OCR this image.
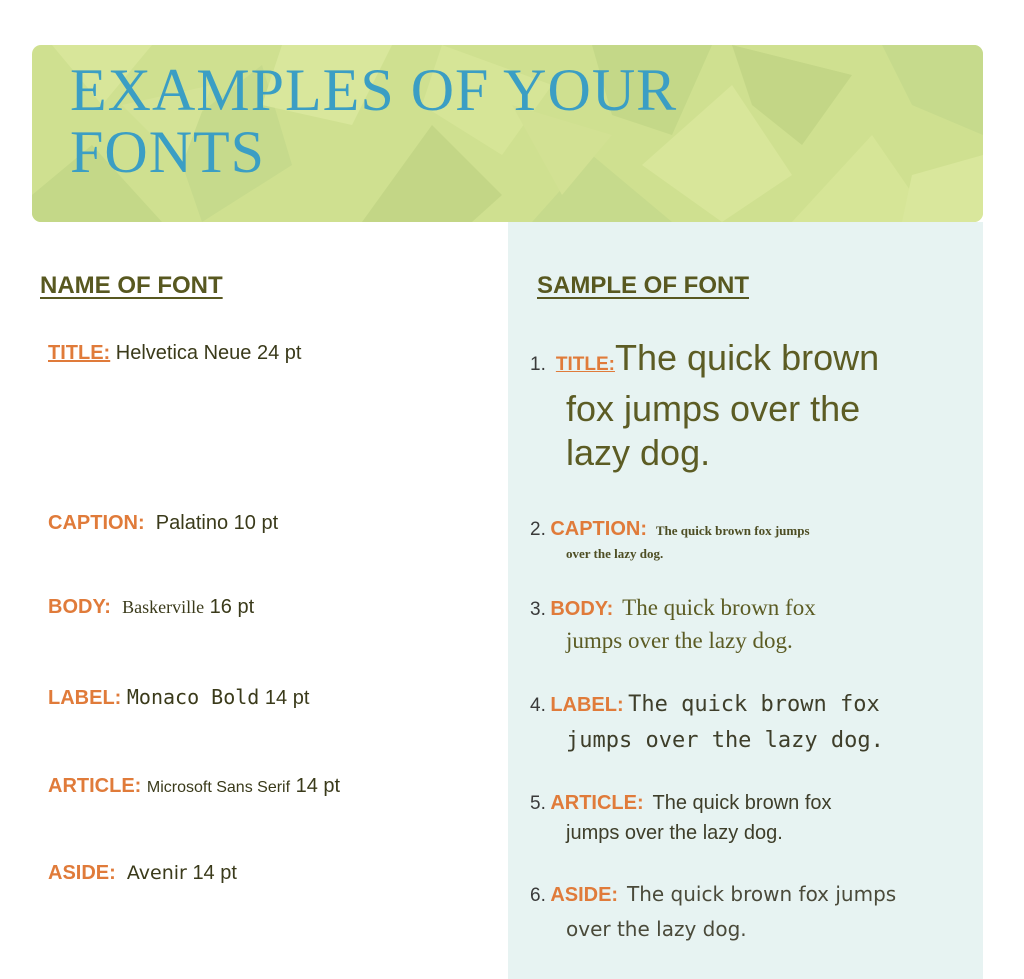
EXAMPLES OF YOUR
FONTS
NAME OF FONT	SAMPLE OF FONT
TITLE: Helvetica Neue 24 pt
CAPTION: Palatino 10 pt
BODY: Baskerville 16 pt
LABEL: Monaco Bold 14 pt
ARTICLE: Microsoft Sans Serif 14 pt
ASIDE: Avenir 14 pt
1. TITLE:The quick brown
fox jumps over the
lazy dog.
2. CAPTION: The quick brown fox jumps
over the lazy dog.
3. BODY: The quick brown fox
jumps over the lazy dog.
4. LABEL: The quick brown fox
jumps over the lazy dog.
5. ARTICLE: The quick brown fox
jumps over the lazy dog.
6. ASIDE: The quick brown fox jumps
over the lazy dog.
